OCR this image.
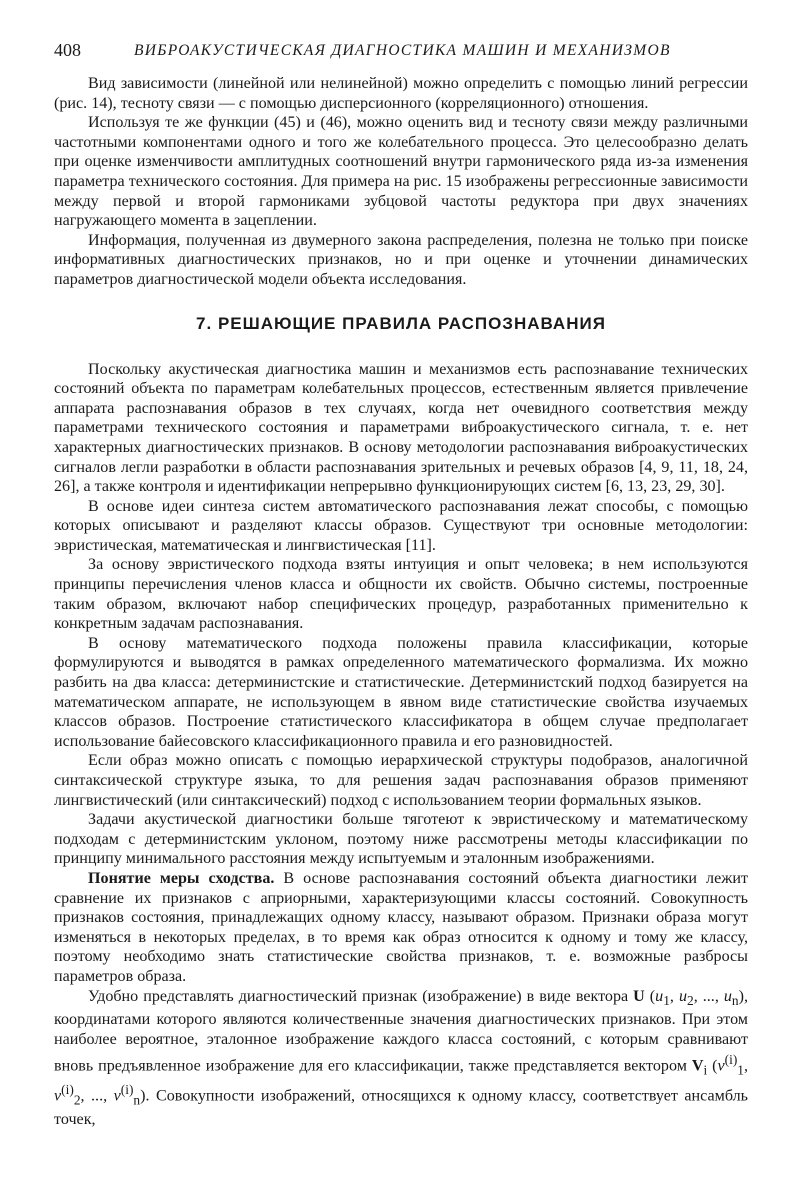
408	ВИБРОАКУСТИЧЕСКАЯ ДИАГНОСТИКА МАШИН И МЕХАНИЗМОВ

Вид зависимости (линейной или нелинейной) можно определить с помощью линий регрессии (рис. 14), тесноту связи — с помощью дисперсионного (корреляционного) отношения.

Используя те же функции (45) и (46), можно оценить вид и тесноту связи между различными частотными компонентами одного и того же колебательного процесса. Это целесообразно делать при оценке изменчивости амплитудных соотношений внутри гармонического ряда из-за изменения параметра технического состояния. Для примера на рис. 15 изображены регрессионные зависимости между первой и второй гармониками зубцовой частоты редуктора при двух значениях нагружающего момента в зацеплении.

Информация, полученная из двумерного закона распределения, полезна не только при поиске информативных диагностических признаков, но и при оценке и уточнении динамических параметров диагностической модели объекта исследования.

7. РЕШАЮЩИЕ ПРАВИЛА РАСПОЗНАВАНИЯ

Поскольку акустическая диагностика машин и механизмов есть распознавание технических состояний объекта по параметрам колебательных процессов, естественным является привлечение аппарата распознавания образов в тех случаях, когда нет очевидного соответствия между параметрами технического состояния и параметрами виброакустического сигнала, т. е. нет характерных диагностических признаков. В основу методологии распознавания виброакустических сигналов легли разработки в области распознавания зрительных и речевых образов [4, 9, 11, 18, 24, 26], а также контроля и идентификации непрерывно функционирующих систем [6, 13, 23, 29, 30].

В основе идеи синтеза систем автоматического распознавания лежат способы, с помощью которых описывают и разделяют классы образов. Существуют три основные методологии: эвристическая, математическая и лингвистическая [11].

За основу эвристического подхода взяты интуиция и опыт человека; в нем используются принципы перечисления членов класса и общности их свойств. Обычно системы, построенные таким образом, включают набор специфических процедур, разработанных применительно к конкретным задачам распознавания.

В основу математического подхода положены правила классификации, которые формулируются и выводятся в рамках определенного математического формализма. Их можно разбить на два класса: детерминистские и статистические. Детерминистский подход базируется на математическом аппарате, не использующем в явном виде статистические свойства изучаемых классов образов. Построение статистического классификатора в общем случае предполагает использование байесовского классификационного правила и его разновидностей.

Если образ можно описать с помощью иерархической структуры подобразов, аналогичной синтаксической структуре языка, то для решения задач распознавания образов применяют лингвистический (или синтаксический) подход с использованием теории формальных языков.

Задачи акустической диагностики больше тяготеют к эвристическому и математическому подходам с детерминистским уклоном, поэтому ниже рассмотрены методы классификации по принципу минимального расстояния между испытуемым и эталонным изображениями.

Понятие меры сходства. В основе распознавания состояний объекта диагностики лежит сравнение их признаков с априорными, характеризующими классы состояний. Совокупность признаков состояния, принадлежащих одному классу, называют образом. Признаки образа могут изменяться в некоторых пределах, в то время как образ относится к одному и тому же классу, поэтому необходимо знать статистические свойства признаков, т. е. возможные разбросы параметров образа.

Удобно представлять диагностический признак (изображение) в виде вектора U ($u_1$, $u_2$, ..., $u_n$), координатами которого являются количественные значения диагностических признаков. При этом наиболее вероятное, эталонное изображение каждого класса состояний, с которым сравнивают вновь предъявленное изображение для его классификации, также представляется вектором $V_i$ ($v^{(i)}_1$, $v^{(i)}_2$, ..., $v^{(i)}_n$). Совокупности изображений, относящихся к одному классу, соответствует ансамбль точек,
